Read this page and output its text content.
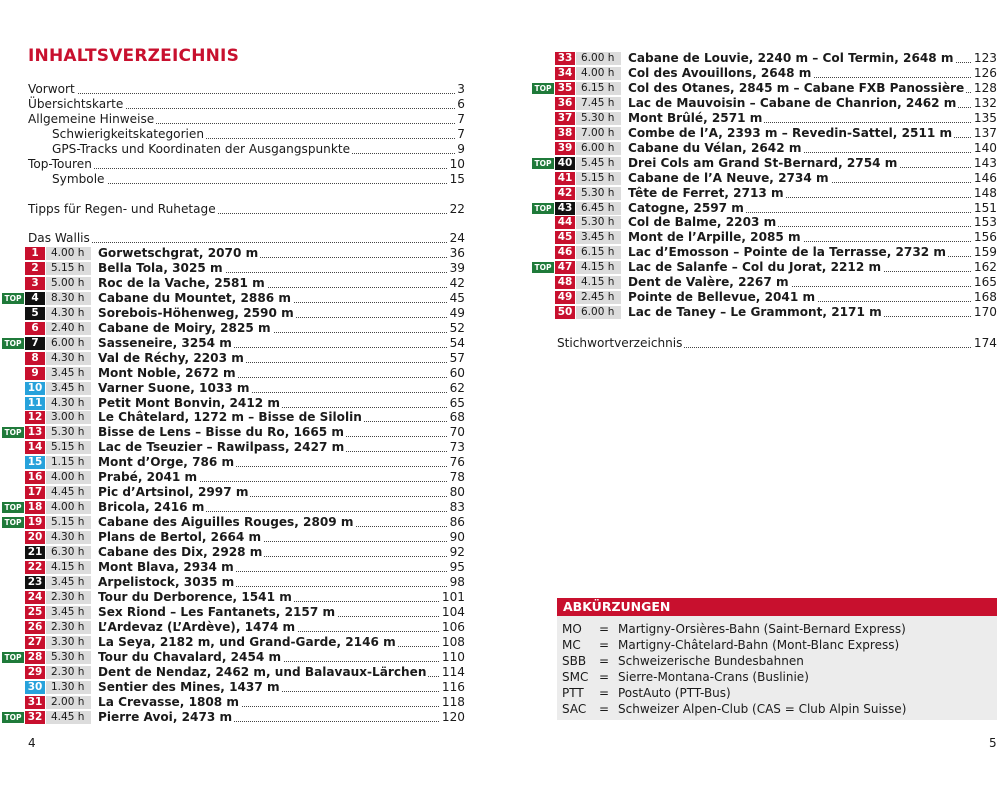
INHALTSVERZEICHNIS
Vorwort	3
Übersichtskarte	6
Allgemeine Hinweise	7
Schwierigkeitskategorien	7
GPS-Tracks und Koordinaten der Ausgangspunkte	9
Top-Touren	10
Symbole	15
Tipps für Regen- und Ruhetage	22
Das Wallis	24
1	4.00 h	Gorwetschgrat, 2070 m	36
2	5.15 h	Bella Tola, 3025 m	39
3	5.00 h	Roc de la Vache, 2581 m	42
TOP 4	8.30 h	Cabane du Mountet, 2886 m	45
5	4.30 h	Sorebois-Höhenweg, 2590 m	49
6	2.40 h	Cabane de Moiry, 2825 m	52
TOP 7	6.00 h	Sasseneire, 3254 m	54
8	4.30 h	Val de Réchy, 2203 m	57
9	3.45 h	Mont Noble, 2672 m	60
10 3.45 h	Varner Suone, 1033 m	62
11 4.30 h	Petit Mont Bonvin, 2412 m	65
12 3.00 h	Le Châtelard, 1272 m – Bisse de Silolin	68
TOP 13 5.30 h	Bisse de Lens – Bisse du Ro, 1665 m	70
14 5.15 h	Lac de Tseuzier – Rawilpass, 2427 m	73
15 1.15 h	Mont d’Orge, 786 m	76
16 4.00 h	Prabé, 2041 m	78
17 4.45 h	Pic d’Artsinol, 2997 m	80
TOP 18 4.00 h	Bricola, 2416 m	83
TOP 19 5.15 h	Cabane des Aiguilles Rouges, 2809 m	86
20 4.30 h	Plans de Bertol, 2664 m	90
21 6.30 h	Cabane des Dix, 2928 m	92
22 4.15 h	Mont Blava, 2934 m	95
23 3.45 h	Arpelistock, 3035 m	98
24 2.30 h	Tour du Derborence, 1541 m	101
25 3.45 h	Sex Riond – Les Fantanets, 2157 m	104
26 2.30 h	L’Ardevaz (L’Ardève), 1474 m	106
27 3.30 h	La Seya, 2182 m, und Grand-Garde, 2146 m	108
TOP 28 5.30 h	Tour du Chavalard, 2454 m	110
29 2.30 h	Dent de Nendaz, 2462 m, und Balavaux-Lärchen 114
30 1.30 h	Sentier des Mines, 1437 m	116
31 2.00 h	La Crevasse, 1808 m	118
TOP 32 4.45 h	Pierre Avoi, 2473 m	120
4
33 6.00 h	Cabane de Louvie, 2240 m – Col Termin, 2648 m 123
34 4.00 h	Col des Avouillons, 2648 m	126
TOP 35 6.15 h	Col des Otanes, 2845 m – Cabane FXB Panossière 128
36 7.45 h	Lac de Mauvoisin – Cabane de Chanrion, 2462 m 132
37 5.30 h	Mont Brûlé, 2571 m	135
38 7.00 h	Combe de l’A, 2393 m – Revedin-Sattel, 2511 m 137
39 6.00 h	Cabane du Vélan, 2642 m	140
TOP 40 5.45 h	Drei Cols am Grand St-Bernard, 2754 m	143
41 5.15 h	Cabane de l’A Neuve, 2734 m	146
42 5.30 h	Tête de Ferret, 2713 m	148
TOP 43 6.45 h	Catogne, 2597 m	151
44 5.30 h	Col de Balme, 2203 m	153
45 3.45 h	Mont de l’Arpille, 2085 m	156
46 6.15 h	Lac d’Emosson – Pointe de la Terrasse, 2732 m 159
TOP 47 4.15 h	Lac de Salanfe – Col du Jorat, 2212 m	162
48 4.15 h	Dent de Valère, 2267 m	165
49 2.45 h	Pointe de Bellevue, 2041 m	168
50 6.00 h	Lac de Taney – Le Grammont, 2171 m	170
Stichwortverzeichnis	174
5
ABKÜRZUNGEN
MO = Martigny-Orsières-Bahn (Saint-Bernard Express)
MC = Martigny-Châtelard-Bahn (Mont-Blanc Express)
SBB = Schweizerische Bundesbahnen
SMC = Sierre-Montana-Crans (Buslinie)
PTT = PostAuto (PTT-Bus)
SAC = Schweizer Alpen-Club (CAS = Club Alpin Suisse)
